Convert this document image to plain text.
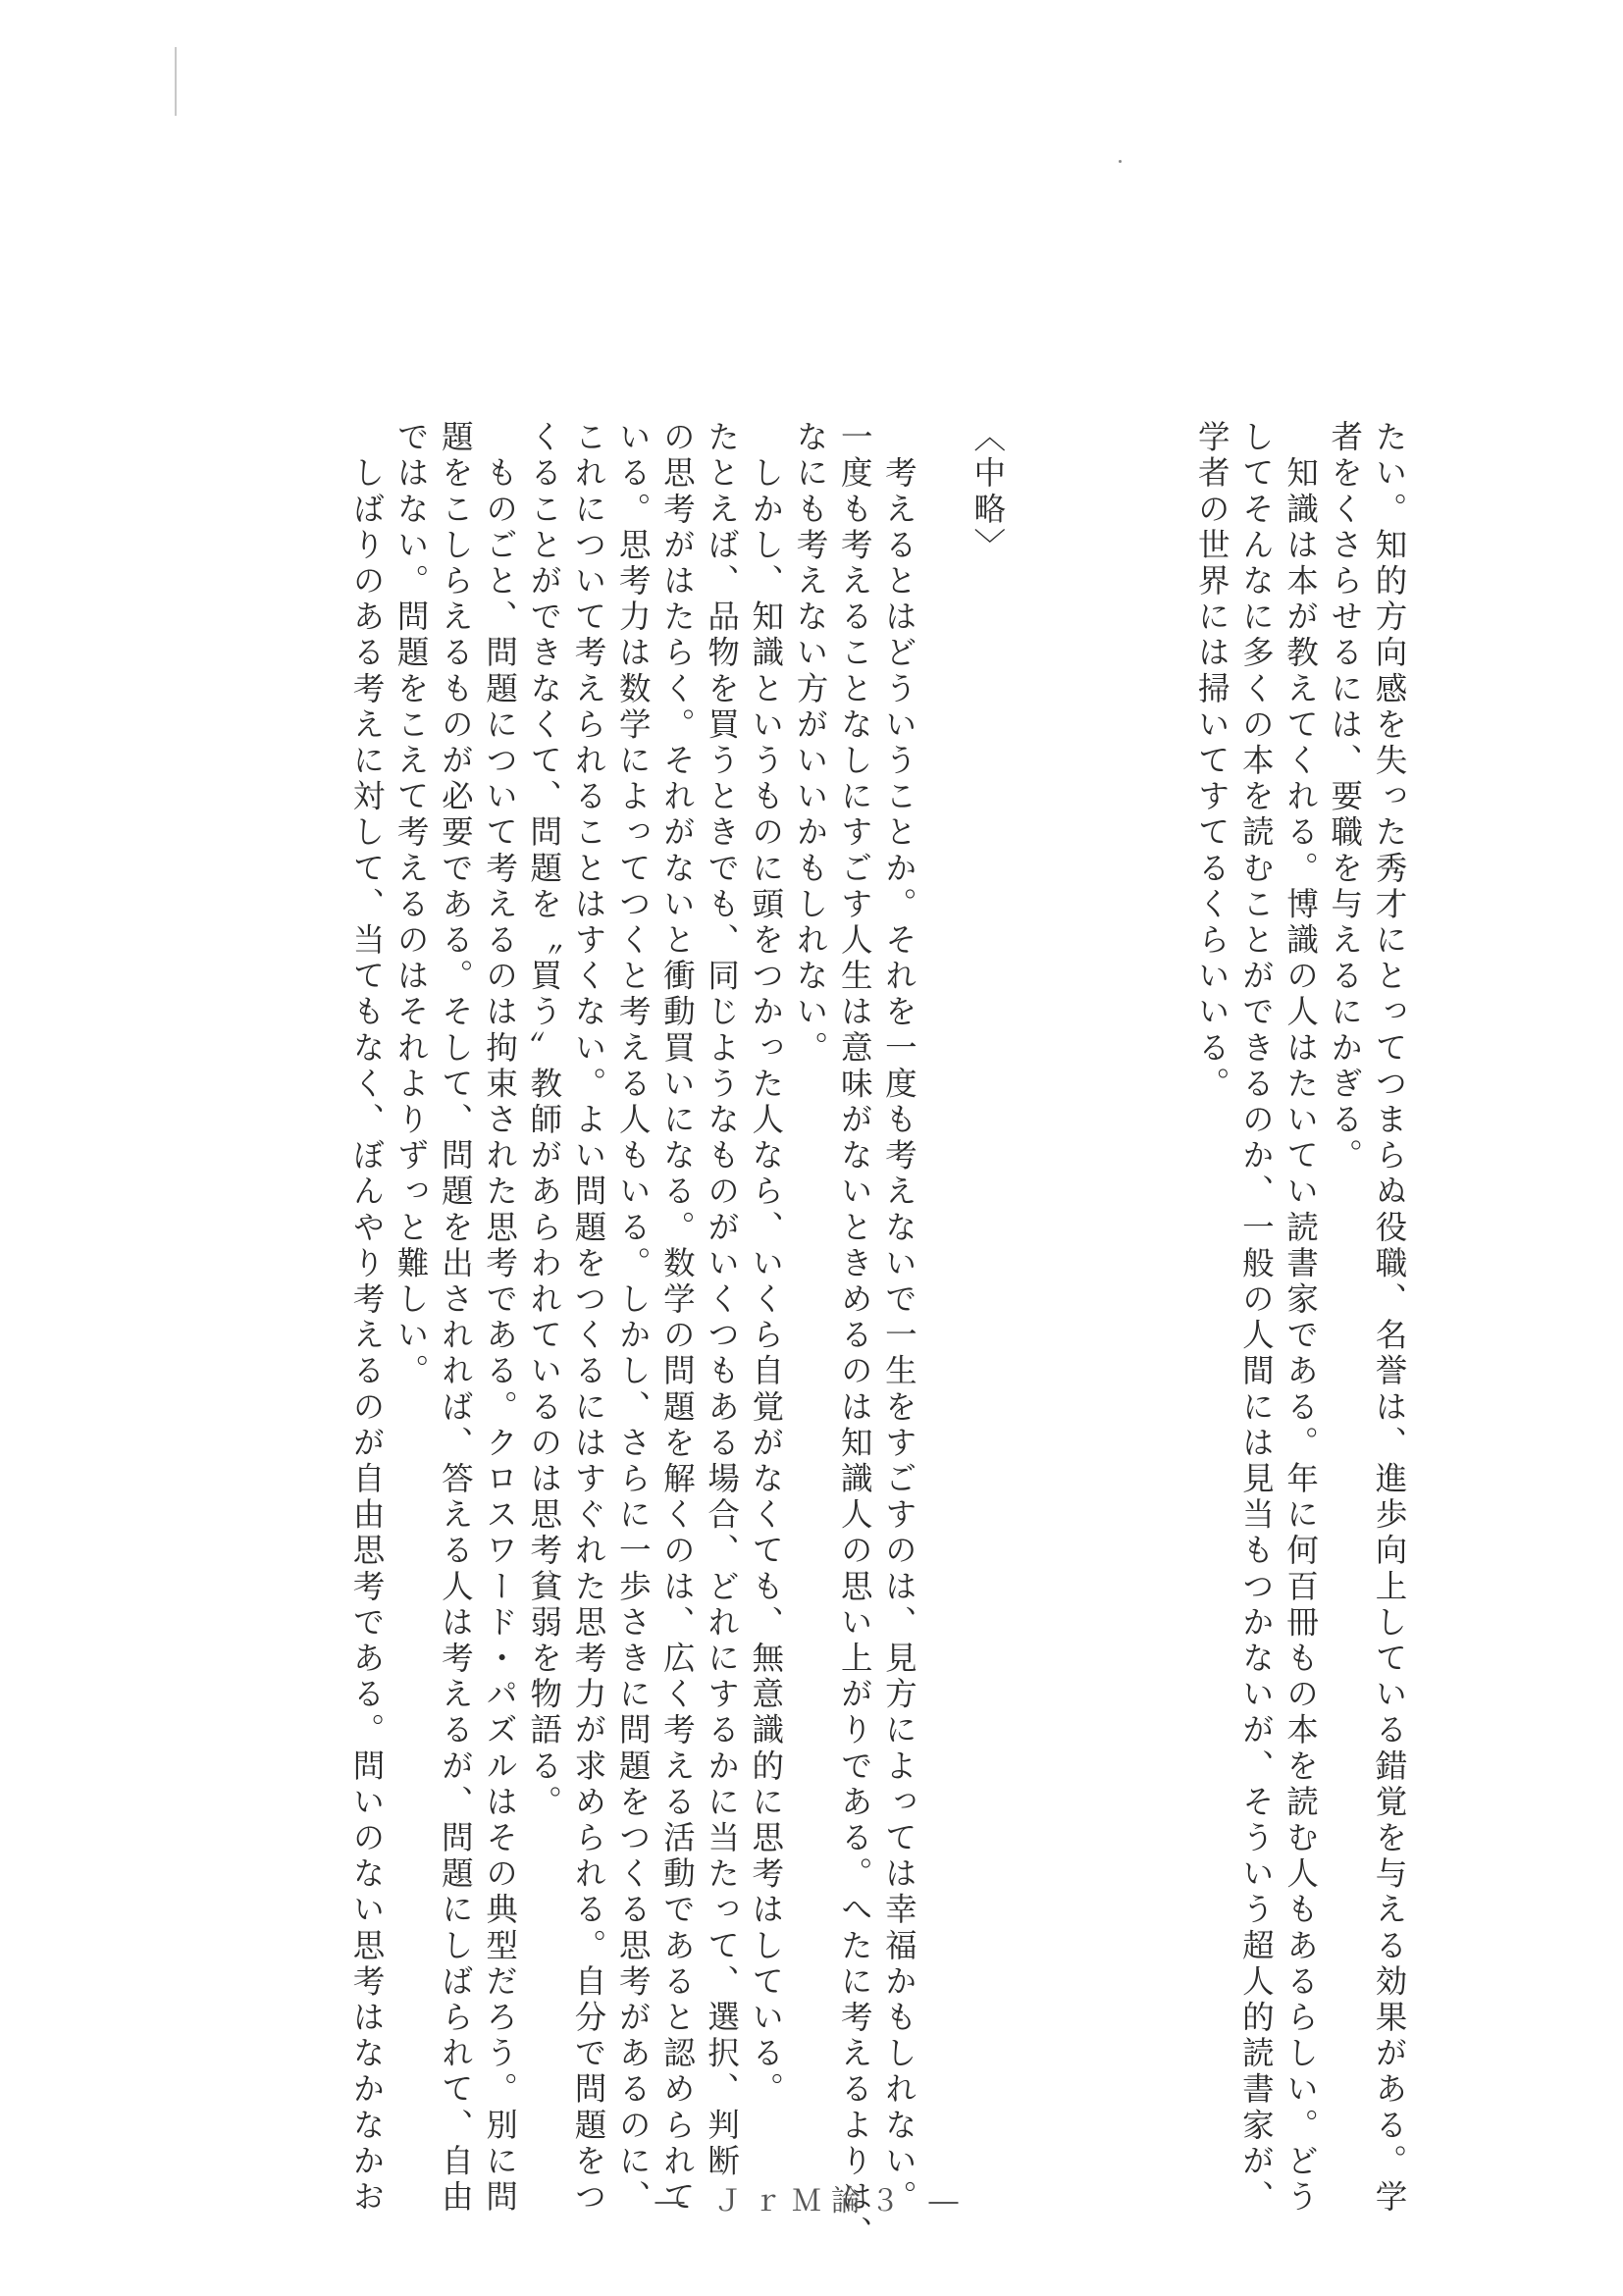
たい。知的方向感を失った秀才にとってつまらぬ役職、名誉は、進歩向上している錯覚を与える効果がある。学
者をくさらせるには、要職を与えるにかぎる。
　知識は本が教えてくれる。博識の人はたいてい読書家である。年に何百冊もの本を読む人もあるらしい。どう
してそんなに多くの本を読むことができるのか、一般の人間には見当もつかないが、そういう超人的読書家が、
学者の世界には掃いてすてるくらいいる。
〈中略〉
　考えるとはどういうことか。それを一度も考えないで一生をすごすのは、見方によっては幸福かもしれない。
一度も考えることなしにすごす人生は意味がないときめるのは知識人の思い上がりである。へたに考えるよりは、
なにも考えない方がいいかもしれない。
　しかし、知識というものに頭をつかった人なら、いくら自覚がなくても、無意識的に思考はしている。
たとえば、品物を買うときでも、同じようなものがいくつもある場合、どれにするかに当たって、選択、判断
の思考がはたらく。それがないと衝動買いになる。数学の問題を解くのは、広く考える活動であると認められて
いる。思考力は数学によってつくと考える人もいる。しかし、さらに一歩さきに問題をつくる思考があるのに、
これについて考えられることはすくない。よい問題をつくるにはすぐれた思考力が求められる。自分で問題をつ
くることができなくて、問題を〝買う〟教師があらわれているのは思考貧弱を物語る。
　ものごと、問題について考えるのは拘束された思考である。クロスワード・パズルはその典型だろう。別に問
題をこしらえるものが必要である。そして、問題を出されれば、答える人は考えるが、問題にしばられて、自由
ではない。問題をこえて考えるのはそれよりずっと難しい。
　しばりのある考えに対して、当てもなく、ぼんやり考えるのが自由思考である。問いのない思考はなかなかお	― ＪｒＭ論３ ―
